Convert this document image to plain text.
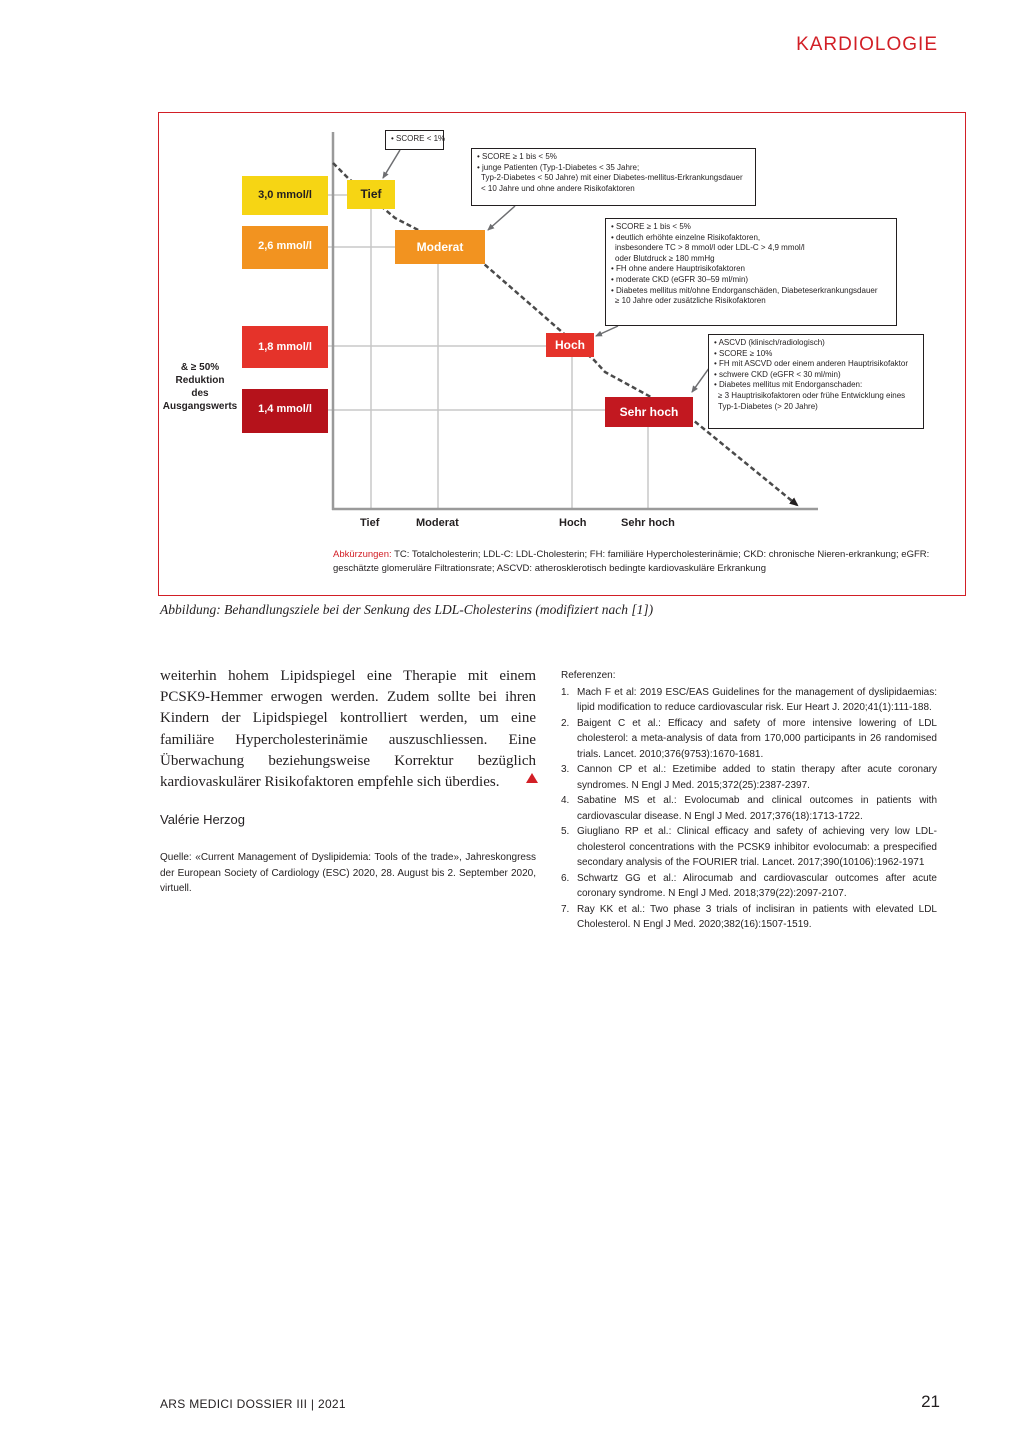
KARDIOLOGIE
3,0 mmol/l
2,6 mmol/l
1,8 mmol/l
1,4 mmol/l
& ≥ 50%
Reduktion
des
Ausgangswerts
Tief
Moderat
Hoch
Sehr hoch
• SCORE < 1%
• SCORE ≥ 1 bis < 5%
• junge Patienten (Typ-1-Diabetes < 35 Jahre;
Typ-2-Diabetes < 50 Jahre) mit einer Diabetes-mellitus-Erkrankungsdauer
< 10 Jahre und ohne andere Risikofaktoren
• SCORE ≥ 1 bis < 5%
• deutlich erhöhte einzelne Risikofaktoren,
insbesondere TC > 8 mmol/l oder LDL-C > 4,9 mmol/l
oder Blutdruck ≥ 180 mmHg
• FH ohne andere Hauptrisikofaktoren
• moderate CKD (eGFR 30–59 ml/min)
• Diabetes mellitus mit/ohne Endorganschäden, Diabeteserkrankungsdauer
≥ 10 Jahre oder zusätzliche Risikofaktoren
• ASCVD (klinisch/radiologisch)
• SCORE ≥ 10%
• FH mit ASCVD oder einem anderen Hauptrisikofaktor
• schwere CKD (eGFR < 30 ml/min)
• Diabetes mellitus mit Endorganschaden:
≥ 3 Hauptrisikofaktoren oder frühe Entwicklung eines
Typ-1-Diabetes (> 20 Jahre)
Tief	Moderat	Hoch	Sehr hoch
Abkürzungen: TC: Totalcholesterin; LDL-C: LDL-Cholesterin; FH: familiäre Hypercholesterinämie; CKD: chronische Nieren-erkrankung; eGFR: geschätzte glomeruläre Filtrationsrate; ASCVD: atherosklerotisch bedingte kardiovaskuläre Erkrankung
Abbildung: Behandlungsziele bei der Senkung des LDL-Cholesterins (modifiziert nach [1])

weiterhin hohem Lipidspiegel eine Therapie mit einem PCSK9-Hemmer erwogen werden. Zudem sollte bei ihren Kindern der Lipidspiegel kontrolliert werden, um eine familiäre Hypercholesterinämie auszuschliessen. Eine Überwachung beziehungsweise Korrektur bezüglich kardiovaskulärer Risikofaktoren empfehle sich überdies.

Valérie Herzog
Quelle: «Current Management of Dyslipidemia: Tools of the trade», Jahreskongress der European Society of Cardiology (ESC) 2020, 28. August bis 2. September 2020, virtuell.
Referenzen:
1. Mach F et al: 2019 ESC/EAS Guidelines for the management of dyslipidaemias: lipid modification to reduce cardiovascular risk. Eur Heart J. 2020;41(1):111-188.
2. Baigent C et al.: Efficacy and safety of more intensive lowering of LDL cholesterol: a meta-analysis of data from 170,000 participants in 26 randomised trials. Lancet. 2010;376(9753):1670-1681.
3. Cannon CP et al.: Ezetimibe added to statin therapy after acute coronary syndromes. N Engl J Med. 2015;372(25):2387-2397.
4. Sabatine MS et al.: Evolocumab and clinical outcomes in patients with cardiovascular disease. N Engl J Med. 2017;376(18):1713-1722.
5. Giugliano RP et al.: Clinical efficacy and safety of achieving very low LDL-cholesterol concentrations with the PCSK9 inhibitor evolocumab: a prespecified secondary analysis of the FOURIER trial. Lancet. 2017;390(10106):1962-1971
6. Schwartz GG et al.: Alirocumab and cardiovascular outcomes after acute coronary syndrome. N Engl J Med. 2018;379(22):2097-2107.
7. Ray KK et al.: Two phase 3 trials of inclisiran in patients with elevated LDL Cholesterol. N Engl J Med. 2020;382(16):1507-1519.
ARS MEDICI DOSSIER III | 2021	21
